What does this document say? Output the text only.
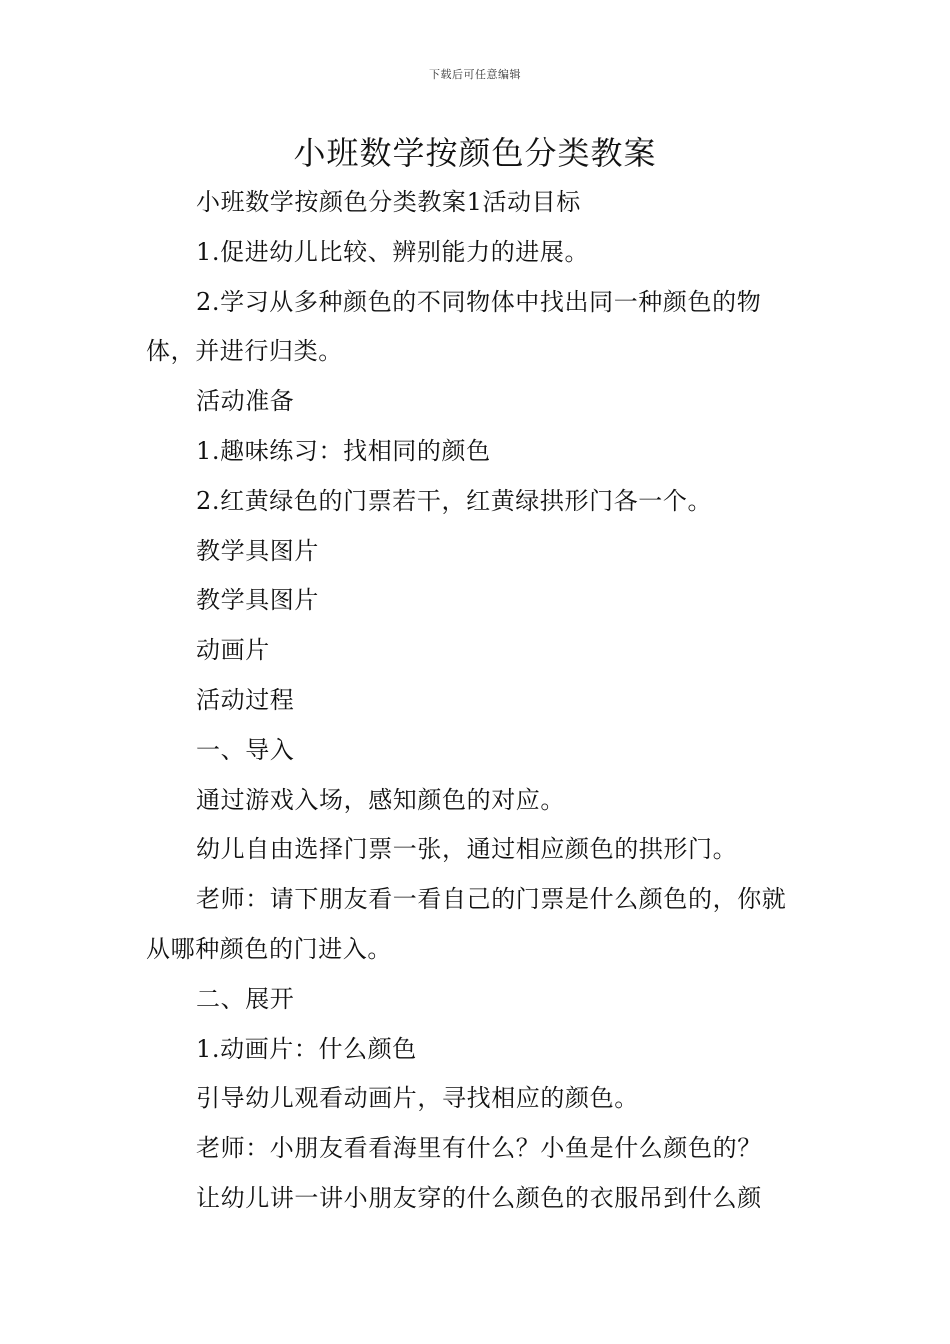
下载后可任意编辑
小班数学按颜色分类教案

小班数学按颜色分类教案1活动目标

1.促进幼儿比较、辨别能力的进展。

2.学习从多种颜色的不同物体中找出同一种颜色的物体，并进行归类。

活动准备

1.趣味练习：找相同的颜色

2.红黄绿色的门票若干，红黄绿拱形门各一个。

教学具图片

教学具图片

动画片

活动过程

一、导入

通过游戏入场，感知颜色的对应。

幼儿自由选择门票一张，通过相应颜色的拱形门。

老师：请下朋友看一看自己的门票是什么颜色的，你就从哪种颜色的门进入。

二、展开

1.动画片：什么颜色

引导幼儿观看动画片，寻找相应的颜色。

老师：小朋友看看海里有什么？小鱼是什么颜色的？

让幼儿讲一讲小朋友穿的什么颜色的衣服吊到什么颜
